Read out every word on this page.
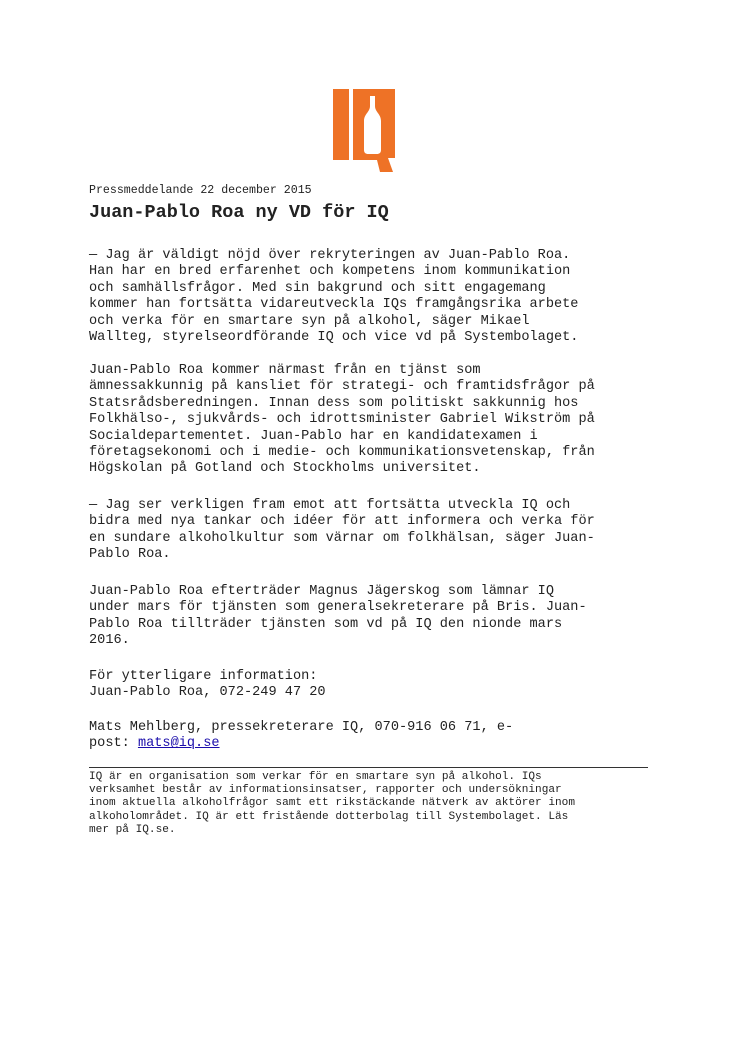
Pressmeddelande 22 december 2015
Juan-Pablo Roa ny VD för IQ

— Jag är väldigt nöjd över rekryteringen av Juan-Pablo Roa.
Han har en bred erfarenhet och kompetens inom kommunikation
och samhällsfrågor. Med sin bakgrund och sitt engagemang
kommer han fortsätta vidareutveckla IQs framgångsrika arbete
och verka för en smartare syn på alkohol, säger Mikael
Wallteg, styrelseordförande IQ och vice vd på Systembolaget.

Juan-Pablo Roa kommer närmast från en tjänst som
ämnessakkunnig på kansliet för strategi- och framtidsfrågor på
Statsrådsberedningen. Innan dess som politiskt sakkunnig hos
Folkhälso-, sjukvårds- och idrottsminister Gabriel Wikström på
Socialdepartementet. Juan-Pablo har en kandidatexamen i
företagsekonomi och i medie- och kommunikationsvetenskap, från
Högskolan på Gotland och Stockholms universitet.

— Jag ser verkligen fram emot att fortsätta utveckla IQ och
bidra med nya tankar och idéer för att informera och verka för
en sundare alkoholkultur som värnar om folkhälsan, säger Juan-
Pablo Roa.

Juan-Pablo Roa efterträder Magnus Jägerskog som lämnar IQ
under mars för tjänsten som generalsekreterare på Bris. Juan-
Pablo Roa tillträder tjänsten som vd på IQ den nionde mars
2016.

För ytterligare information:
Juan-Pablo Roa, 072-249 47 20

Mats Mehlberg, pressekreterare IQ, 070-916 06 71, e-
post: mats@iq.se

IQ är en organisation som verkar för en smartare syn på alkohol. IQs
verksamhet består av informationsinsatser, rapporter och undersökningar
inom aktuella alkoholfrågor samt ett rikstäckande nätverk av aktörer inom
alkoholområdet. IQ är ett fristående dotterbolag till Systembolaget. Läs
mer på IQ.se.
